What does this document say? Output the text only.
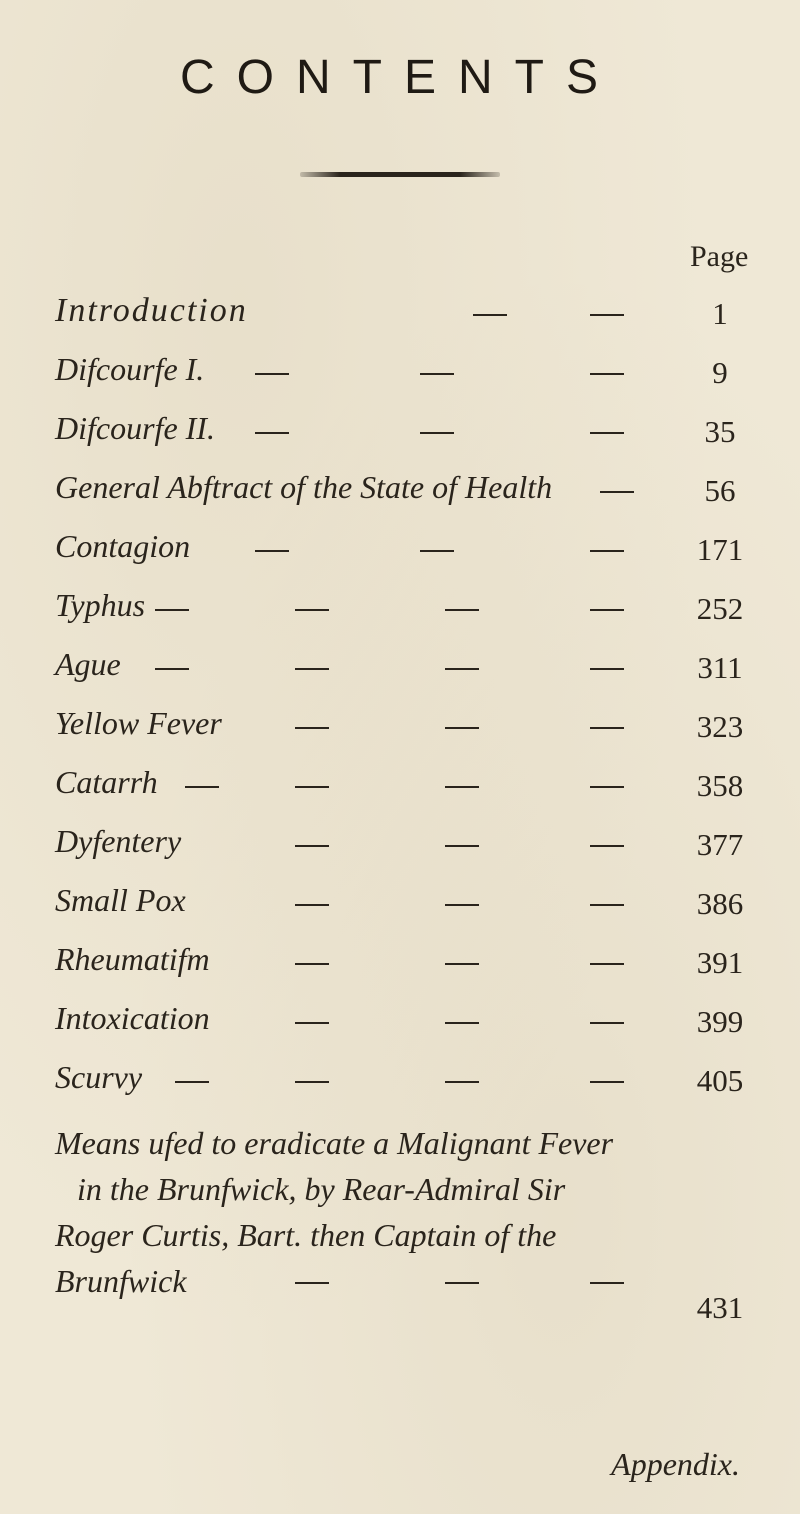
CONTENTS
Page
Introduction	1
Difcourfe I.	9
Difcourfe II.	35
General Abftract of the State of Health	56
Contagion	171
Typhus	252
Ague	311
Yellow Fever	323
Catarrh	358
Dyfentery	377
Small Pox	386
Rheumatifm	391
Intoxication	399
Scurvy	405
Means ufed to eradicate a Malignant Fever
in the Brunfwick, by Rear-Admiral Sir
Roger Curtis, Bart. then Captain of the
Brunfwick
431
Appendix.
